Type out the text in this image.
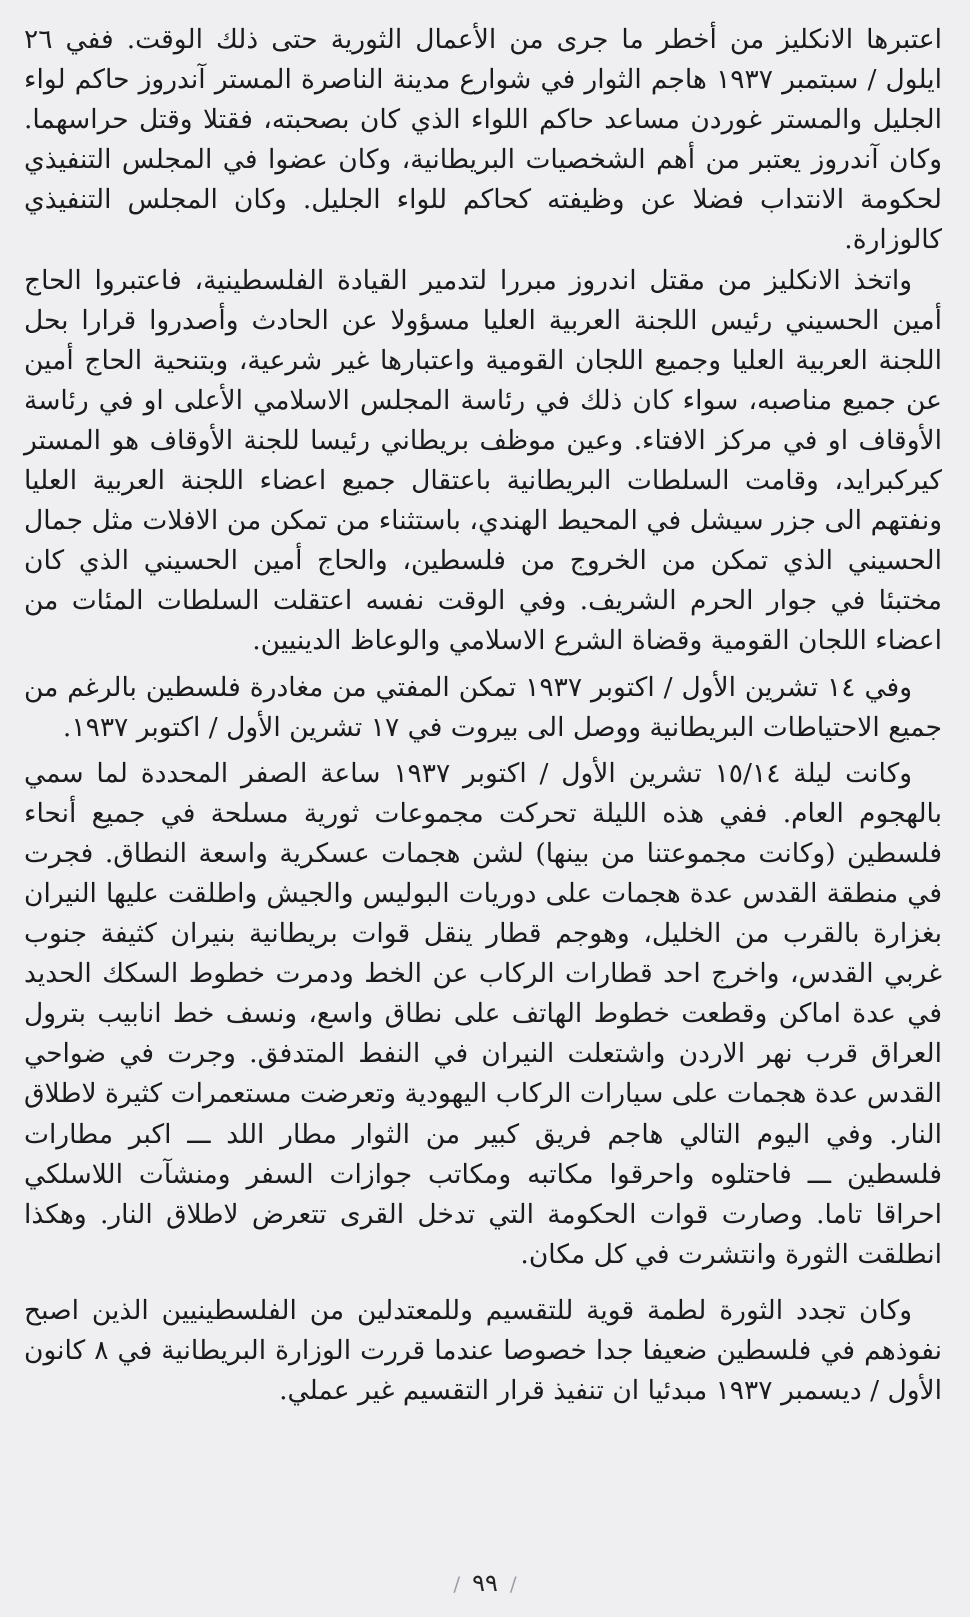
اعتبرها الانكليز من أخطر ما جرى من الأعمال الثورية حتى ذلك الوقت. ففي ٢٦ ايلول / سبتمبر ١٩٣٧ هاجم الثوار في شوارع مدينة الناصرة المستر آندروز حاكم لواء الجليل والمستر غوردن مساعد حاكم اللواء الذي كان بصحبته، فقتلا وقتل حراسهما. وكان آندروز يعتبر من أهم الشخصيات البريطانية، وكان عضوا في المجلس التنفيذي لحكومة الانتداب فضلا عن وظيفته كحاكم للواء الجليل. وكان المجلس التنفيذي كالوزارة.

واتخذ الانكليز من مقتل اندروز مبررا لتدمير القيادة الفلسطينية، فاعتبروا الحاج أمين الحسيني رئيس اللجنة العربية العليا مسؤولا عن الحادث وأصدروا قرارا بحل اللجنة العربية العليا وجميع اللجان القومية واعتبارها غير شرعية، وبتنحية الحاج أمين عن جميع مناصبه، سواء كان ذلك في رئاسة المجلس الاسلامي الأعلى او في رئاسة الأوقاف او في مركز الافتاء. وعين موظف بريطاني رئيسا للجنة الأوقاف هو المستر كيركبرايد، وقامت السلطات البريطانية باعتقال جميع اعضاء اللجنة العربية العليا ونفتهم الى جزر سيشل في المحيط الهندي، باستثناء من تمكن من الافلات مثل جمال الحسيني الذي تمكن من الخروج من فلسطين، والحاج أمين الحسيني الذي كان مختبئا في جوار الحرم الشريف. وفي الوقت نفسه اعتقلت السلطات المئات من اعضاء اللجان القومية وقضاة الشرع الاسلامي والوعاظ الدينيين.

وفي ١٤ تشرين الأول / اكتوبر ١٩٣٧ تمكن المفتي من مغادرة فلسطين بالرغم من جميع الاحتياطات البريطانية ووصل الى بيروت في ١٧ تشرين الأول / اكتوبر ١٩٣٧.

وكانت ليلة ١٥/١٤ تشرين الأول / اكتوبر ١٩٣٧ ساعة الصفر المحددة لما سمي بالهجوم العام. ففي هذه الليلة تحركت مجموعات ثورية مسلحة في جميع أنحاء فلسطين (وكانت مجموعتنا من بينها) لشن هجمات عسكرية واسعة النطاق. فجرت في منطقة القدس عدة هجمات على دوريات البوليس والجيش واطلقت عليها النيران بغزارة بالقرب من الخليل، وهوجم قطار ينقل قوات بريطانية بنيران كثيفة جنوب غربي القدس، واخرج احد قطارات الركاب عن الخط ودمرت خطوط السكك الحديد في عدة اماكن وقطعت خطوط الهاتف على نطاق واسع، ونسف خط انابيب بترول العراق قرب نهر الاردن واشتعلت النيران في النفط المتدفق. وجرت في ضواحي القدس عدة هجمات على سيارات الركاب اليهودية وتعرضت مستعمرات كثيرة لاطلاق النار. وفي اليوم التالي هاجم فريق كبير من الثوار مطار اللد ـــ اكبر مطارات فلسطين ـــ فاحتلوه واحرقوا مكاتبه ومكاتب جوازات السفر ومنشآت اللاسلكي احراقا تاما. وصارت قوات الحكومة التي تدخل القرى تتعرض لاطلاق النار. وهكذا انطلقت الثورة وانتشرت في كل مكان.

وكان تجدد الثورة لطمة قوية للتقسيم وللمعتدلين من الفلسطينيين الذين اصبح نفوذهم في فلسطين ضعيفا جدا خصوصا عندما قررت الوزارة البريطانية في ٨ كانون الأول / ديسمبر ١٩٣٧ مبدئيا ان تنفيذ قرار التقسيم غير عملي.

/٩٩/
